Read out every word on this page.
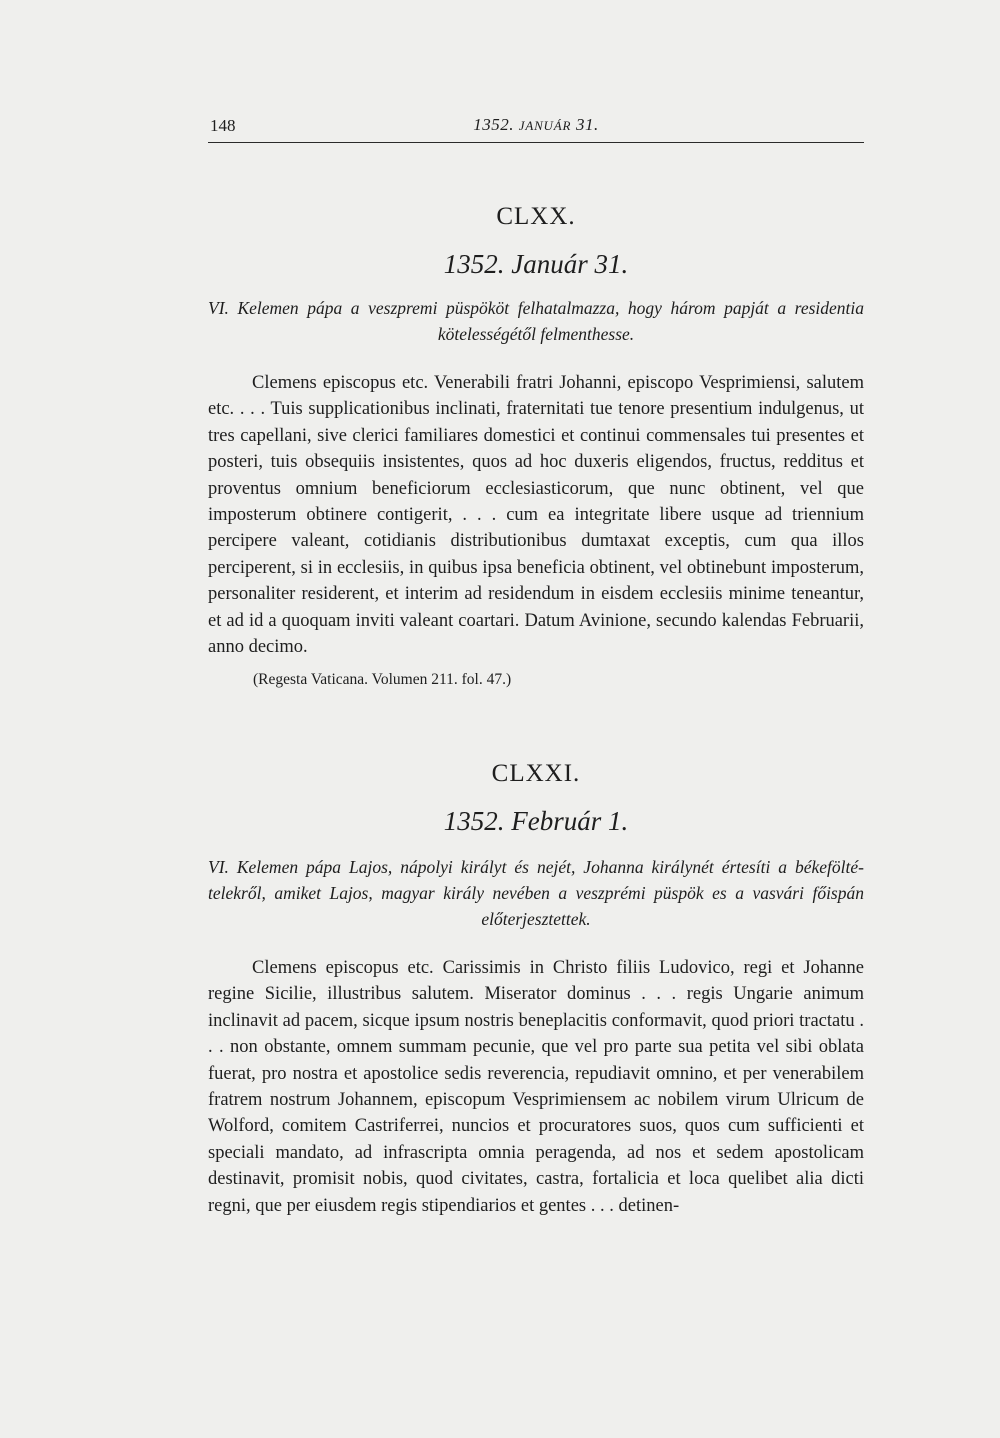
148	1352. JANUÁR 31.
CLXX.
1352. Január 31.
VI. Kelemen pápa a veszpremi püspököt felhatalmazza, hogy három papját a residentia kötelességétől felmenthesse.

Clemens episcopus etc. Venerabili fratri Johanni, episcopo Vesprimiensi, salutem etc. . . . Tuis supplicationibus inclinati, fraternitati tue tenore presentium indulgenus, ut tres capellani, sive clerici familiares domestici et continui commensales tui presentes et posteri, tuis obsequiis insistentes, quos ad hoc duxeris eligendos, fructus, redditus et proventus omnium beneficiorum ecclesiasticorum, que nunc obtinent, vel que imposterum obtinere contigerit, . . . cum ea integritate libere usque ad triennium percipere valeant, cotidianis distributionibus dumtaxat exceptis, cum qua illos perciperent, si in ecclesiis, in quibus ipsa beneficia obtinent, vel obtinebunt imposterum, personaliter residerent, et interim ad residendum in eisdem ecclesiis minime teneantur, et ad id a quoquam inviti valeant coartari. Datum Avinione, secundo kalendas Februarii, anno decimo.

(Regesta Vaticana. Volumen 211. fol. 47.)
CLXXI.
1352. Február 1.
VI. Kelemen pápa Lajos, nápolyi királyt és nejét, Johanna királynét értesíti a békeföltételekről, amiket Lajos, magyar király nevében a veszprémi püspök es a vasvári főispán előterjesztettek.

Clemens episcopus etc. Carissimis in Christo filiis Ludovico, regi et Johanne regine Sicilie, illustribus salutem. Miserator dominus . . . regis Ungarie animum inclinavit ad pacem, sicque ipsum nostris beneplacitis conformavit, quod priori tractatu . . . non obstante, omnem summam pecunie, que vel pro parte sua petita vel sibi oblata fuerat, pro nostra et apostolice sedis reverencia, repudiavit omnino, et per venerabilem fratrem nostrum Johannem, episcopum Vesprimiensem ac nobilem virum Ulricum de Wolford, comitem Castriferrei, nuncios et procuratores suos, quos cum sufficienti et speciali mandato, ad infrascripta omnia peragenda, ad nos et sedem apostolicam destinavit, promisit nobis, quod civitates, castra, fortalicia et loca quelibet alia dicti regni, que per eiusdem regis stipendiarios et gentes . . . detinen-
